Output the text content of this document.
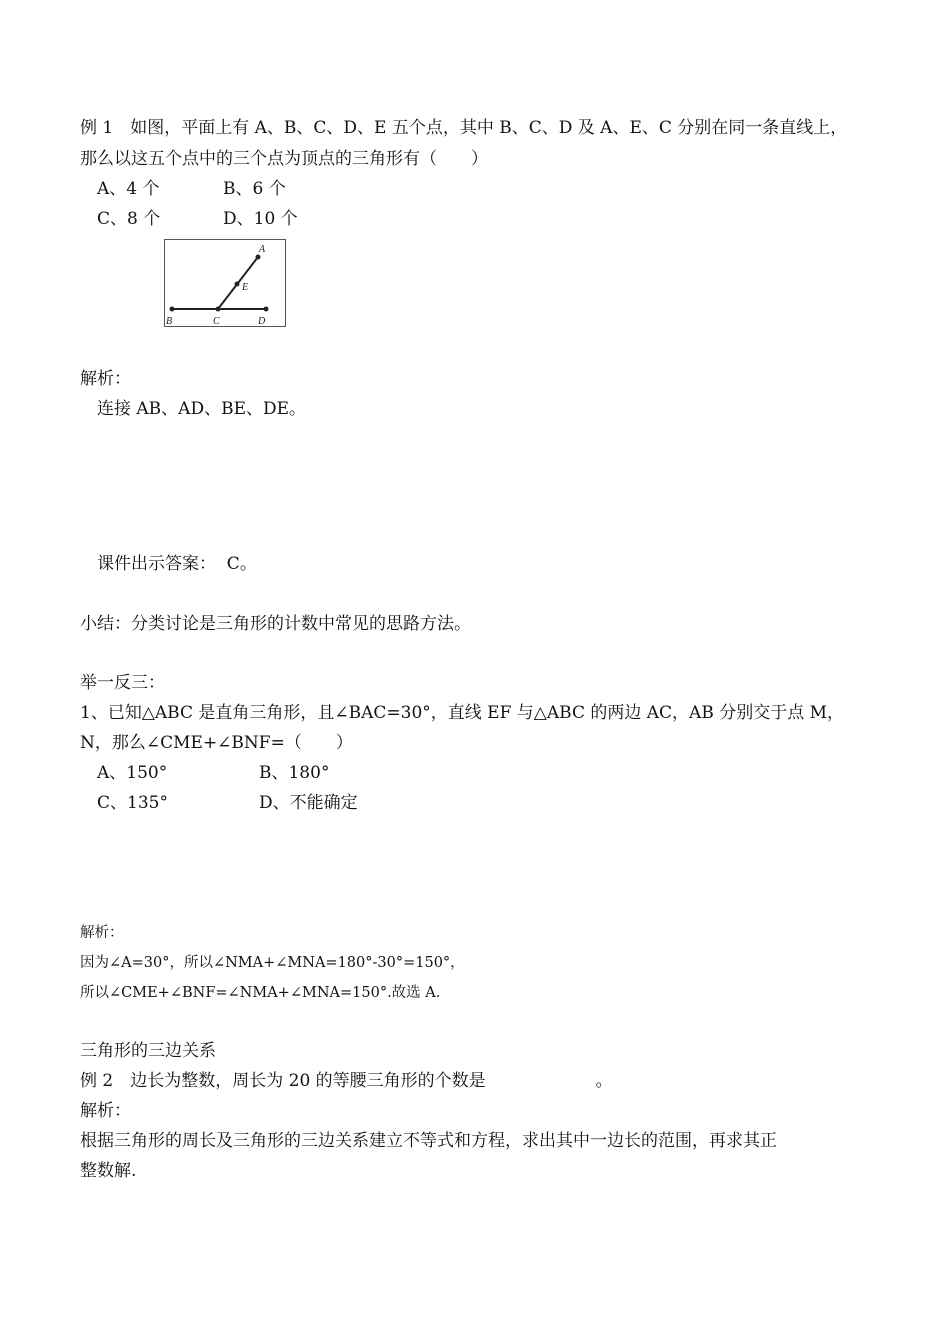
例 1　如图，平面上有 A、B、C、D、E 五个点，其中 B、C、D 及 A、E、C 分别在同一条直线上，
那么以这五个点中的三个点为顶点的三角形有（　　）
A、4 个	B、6 个
C、8 个	D、10 个
A
E
B	C	D
解析：
连接 AB、AD、BE、DE。
课件出示答案：  C。
小结：分类讨论是三角形的计数中常见的思路方法。
举一反三：
1、已知△ABC 是直角三角形，且∠BAC=30°，直线 EF 与△ABC 的两边 AC，AB 分别交于点 M，
N，那么∠CME+∠BNF=（　　）
A、150°	B、180°
C、135°	D、不能确定
解析：
因为∠A=30°，所以∠NMA+∠MNA=180°-30°=150°，
所以∠CME+∠BNF=∠NMA+∠MNA=150°.故选 A.
三角形的三边关系
例 2　边长为整数，周长为 20 的等腰三角形的个数是	。
解析：
根据三角形的周长及三角形的三边关系建立不等式和方程，求出其中一边长的范围，再求其正
整数解.
